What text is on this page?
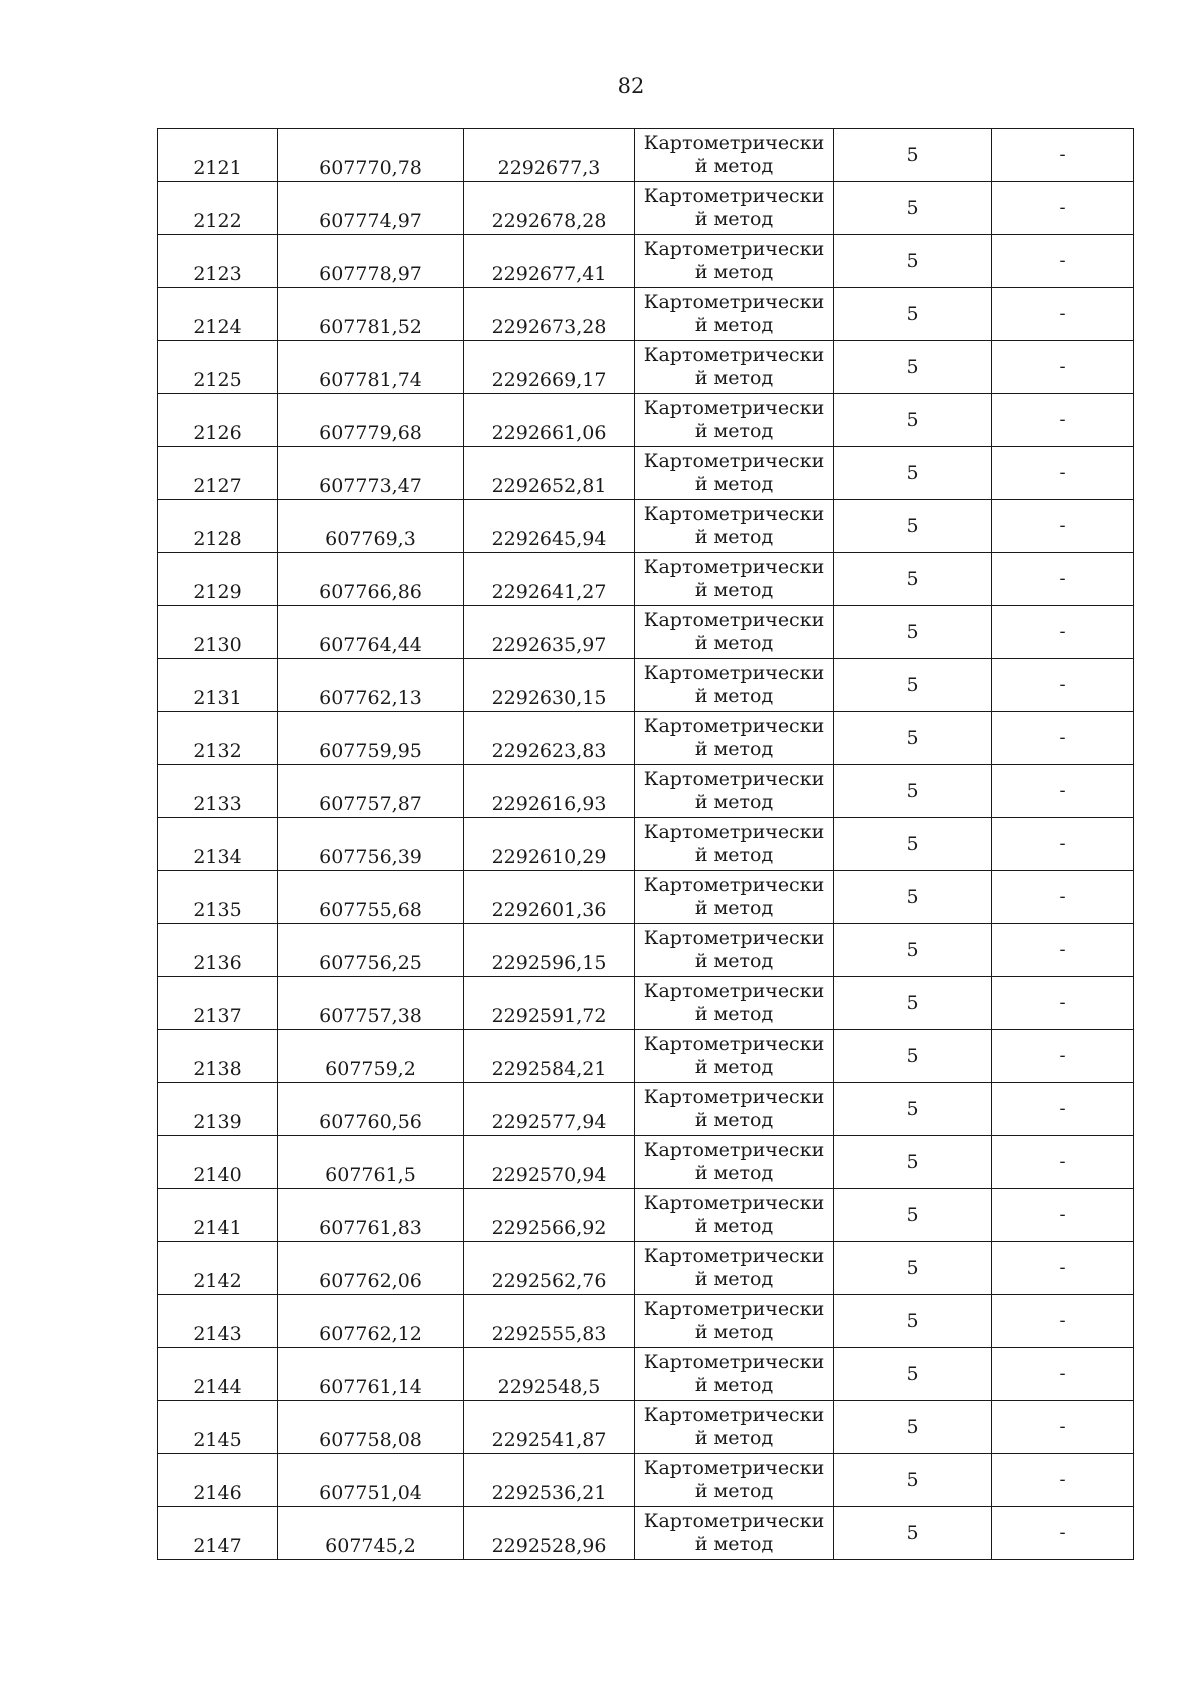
82
2121	607770,78	2292677,3	Картометрически й метод	5	-
2122	607774,97	2292678,28	Картометрически й метод	5	-
2123	607778,97	2292677,41	Картометрически й метод	5	-
2124	607781,52	2292673,28	Картометрически й метод	5	-
2125	607781,74	2292669,17	Картометрически й метод	5	-
2126	607779,68	2292661,06	Картометрически й метод	5	-
2127	607773,47	2292652,81	Картометрически й метод	5	-
2128	607769,3	2292645,94	Картометрически й метод	5	-
2129	607766,86	2292641,27	Картометрически й метод	5	-
2130	607764,44	2292635,97	Картометрически й метод	5	-
2131	607762,13	2292630,15	Картометрически й метод	5	-
2132	607759,95	2292623,83	Картометрически й метод	5	-
2133	607757,87	2292616,93	Картометрически й метод	5	-
2134	607756,39	2292610,29	Картометрически й метод	5	-
2135	607755,68	2292601,36	Картометрически й метод	5	-
2136	607756,25	2292596,15	Картометрически й метод	5	-
2137	607757,38	2292591,72	Картометрически й метод	5	-
2138	607759,2	2292584,21	Картометрически й метод	5	-
2139	607760,56	2292577,94	Картометрически й метод	5	-
2140	607761,5	2292570,94	Картометрически й метод	5	-
2141	607761,83	2292566,92	Картометрически й метод	5	-
2142	607762,06	2292562,76	Картометрически й метод	5	-
2143	607762,12	2292555,83	Картометрически й метод	5	-
2144	607761,14	2292548,5	Картометрически й метод	5	-
2145	607758,08	2292541,87	Картометрически й метод	5	-
2146	607751,04	2292536,21	Картометрически й метод	5	-
2147	607745,2	2292528,96	Картометрически й метод	5	-
